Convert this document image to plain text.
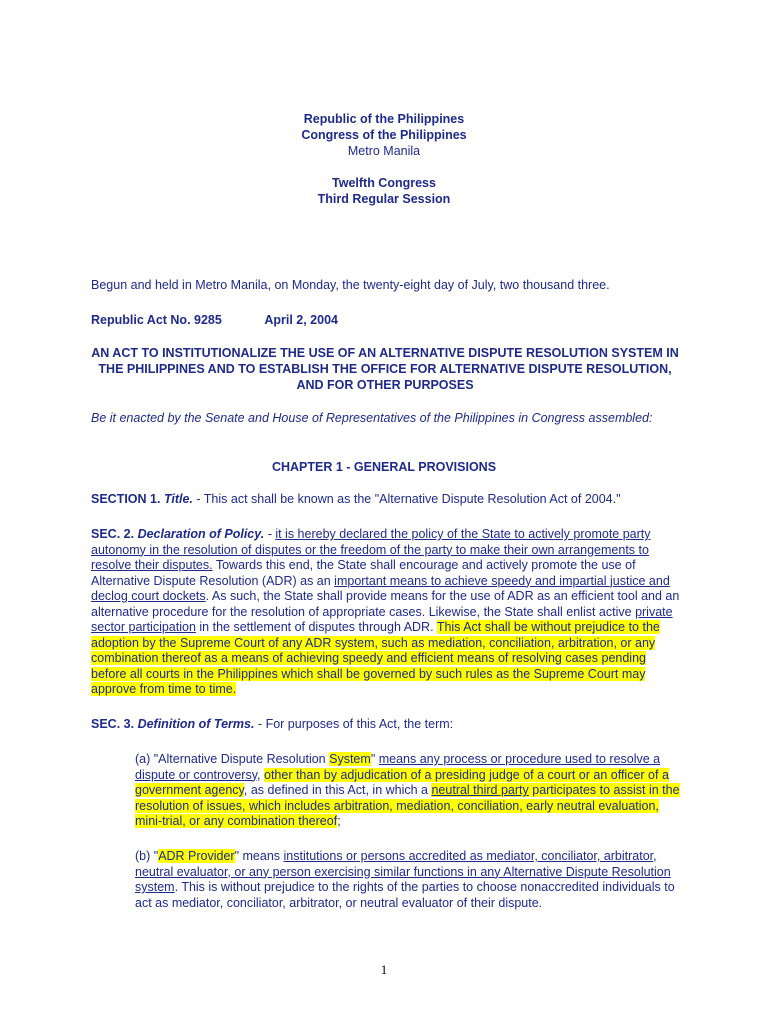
Republic of the Philippines
Congress of the Philippines
Metro Manila
Twelfth Congress
Third Regular Session
Begun and held in Metro Manila, on Monday, the twenty-eight day of July, two thousand three.
Republic Act No. 9285	April 2, 2004
AN ACT TO INSTITUTIONALIZE THE USE OF AN ALTERNATIVE DISPUTE RESOLUTION SYSTEM IN THE PHILIPPINES AND TO ESTABLISH THE OFFICE FOR ALTERNATIVE DISPUTE RESOLUTION, AND FOR OTHER PURPOSES
Be it enacted by the Senate and House of Representatives of the Philippines in Congress assembled:
CHAPTER 1 - GENERAL PROVISIONS
SECTION 1. Title. - This act shall be known as the "Alternative Dispute Resolution Act of 2004."
SEC. 2. Declaration of Policy. - it is hereby declared the policy of the State to actively promote party autonomy in the resolution of disputes or the freedom of the party to make their own arrangements to resolve their disputes. Towards this end, the State shall encourage and actively promote the use of Alternative Dispute Resolution (ADR) as an important means to achieve speedy and impartial justice and declog court dockets. As such, the State shall provide means for the use of ADR as an efficient tool and an alternative procedure for the resolution of appropriate cases. Likewise, the State shall enlist active private sector participation in the settlement of disputes through ADR. This Act shall be without prejudice to the adoption by the Supreme Court of any ADR system, such as mediation, conciliation, arbitration, or any combination thereof as a means of achieving speedy and efficient means of resolving cases pending before all courts in the Philippines which shall be governed by such rules as the Supreme Court may approve from time to time.
SEC. 3. Definition of Terms. - For purposes of this Act, the term:
(a) "Alternative Dispute Resolution System" means any process or procedure used to resolve a dispute or controversy, other than by adjudication of a presiding judge of a court or an officer of a government agency, as defined in this Act, in which a neutral third party participates to assist in the resolution of issues, which includes arbitration, mediation, conciliation, early neutral evaluation, mini-trial, or any combination thereof;
(b) "ADR Provider" means institutions or persons accredited as mediator, conciliator, arbitrator, neutral evaluator, or any person exercising similar functions in any Alternative Dispute Resolution system. This is without prejudice to the rights of the parties to choose nonaccredited individuals to act as mediator, conciliator, arbitrator, or neutral evaluator of their dispute.
1
